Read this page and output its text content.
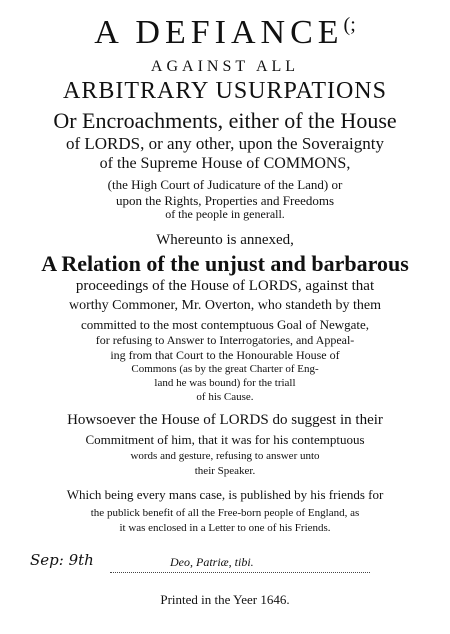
A DEFIANCE(;
AGAINST ALL
ARBITRARY USURPATIONS
Or Encroachments, either of the House
of LORDS, or any other, upon the Soveraignty
of the Supreme House of COMMONS,
(the High Court of Judicature of the Land) or
upon the Rights, Properties and Freedoms
of the people in generall.
Whereunto is annexed,
A Relation of the unjust and barbarous
proceedings of the House of LORDS, against that
worthy Commoner, Mr. Overton, who standeth by them
committed to the most contemptuous Goal of Newgate,
for refusing to Answer to Interrogatories, and Appeal-
ing from that Court to the Honourable House of
Commons (as by the great Charter of Eng-
land he was bound) for the triall
of his Cause.
Howsoever the House of LORDS do suggest in their
Commitment of him, that it was for his contemptuous
words and gesture, refusing to answer unto
their Speaker.
Which being every mans case, is published by his friends for
the publick benefit of all the Free-born people of England, as
it was enclosed in a Letter to one of his Friends.
Sep: 9th	Deo, Patriæ, tibi.
Printed in the Yeer 1646.
